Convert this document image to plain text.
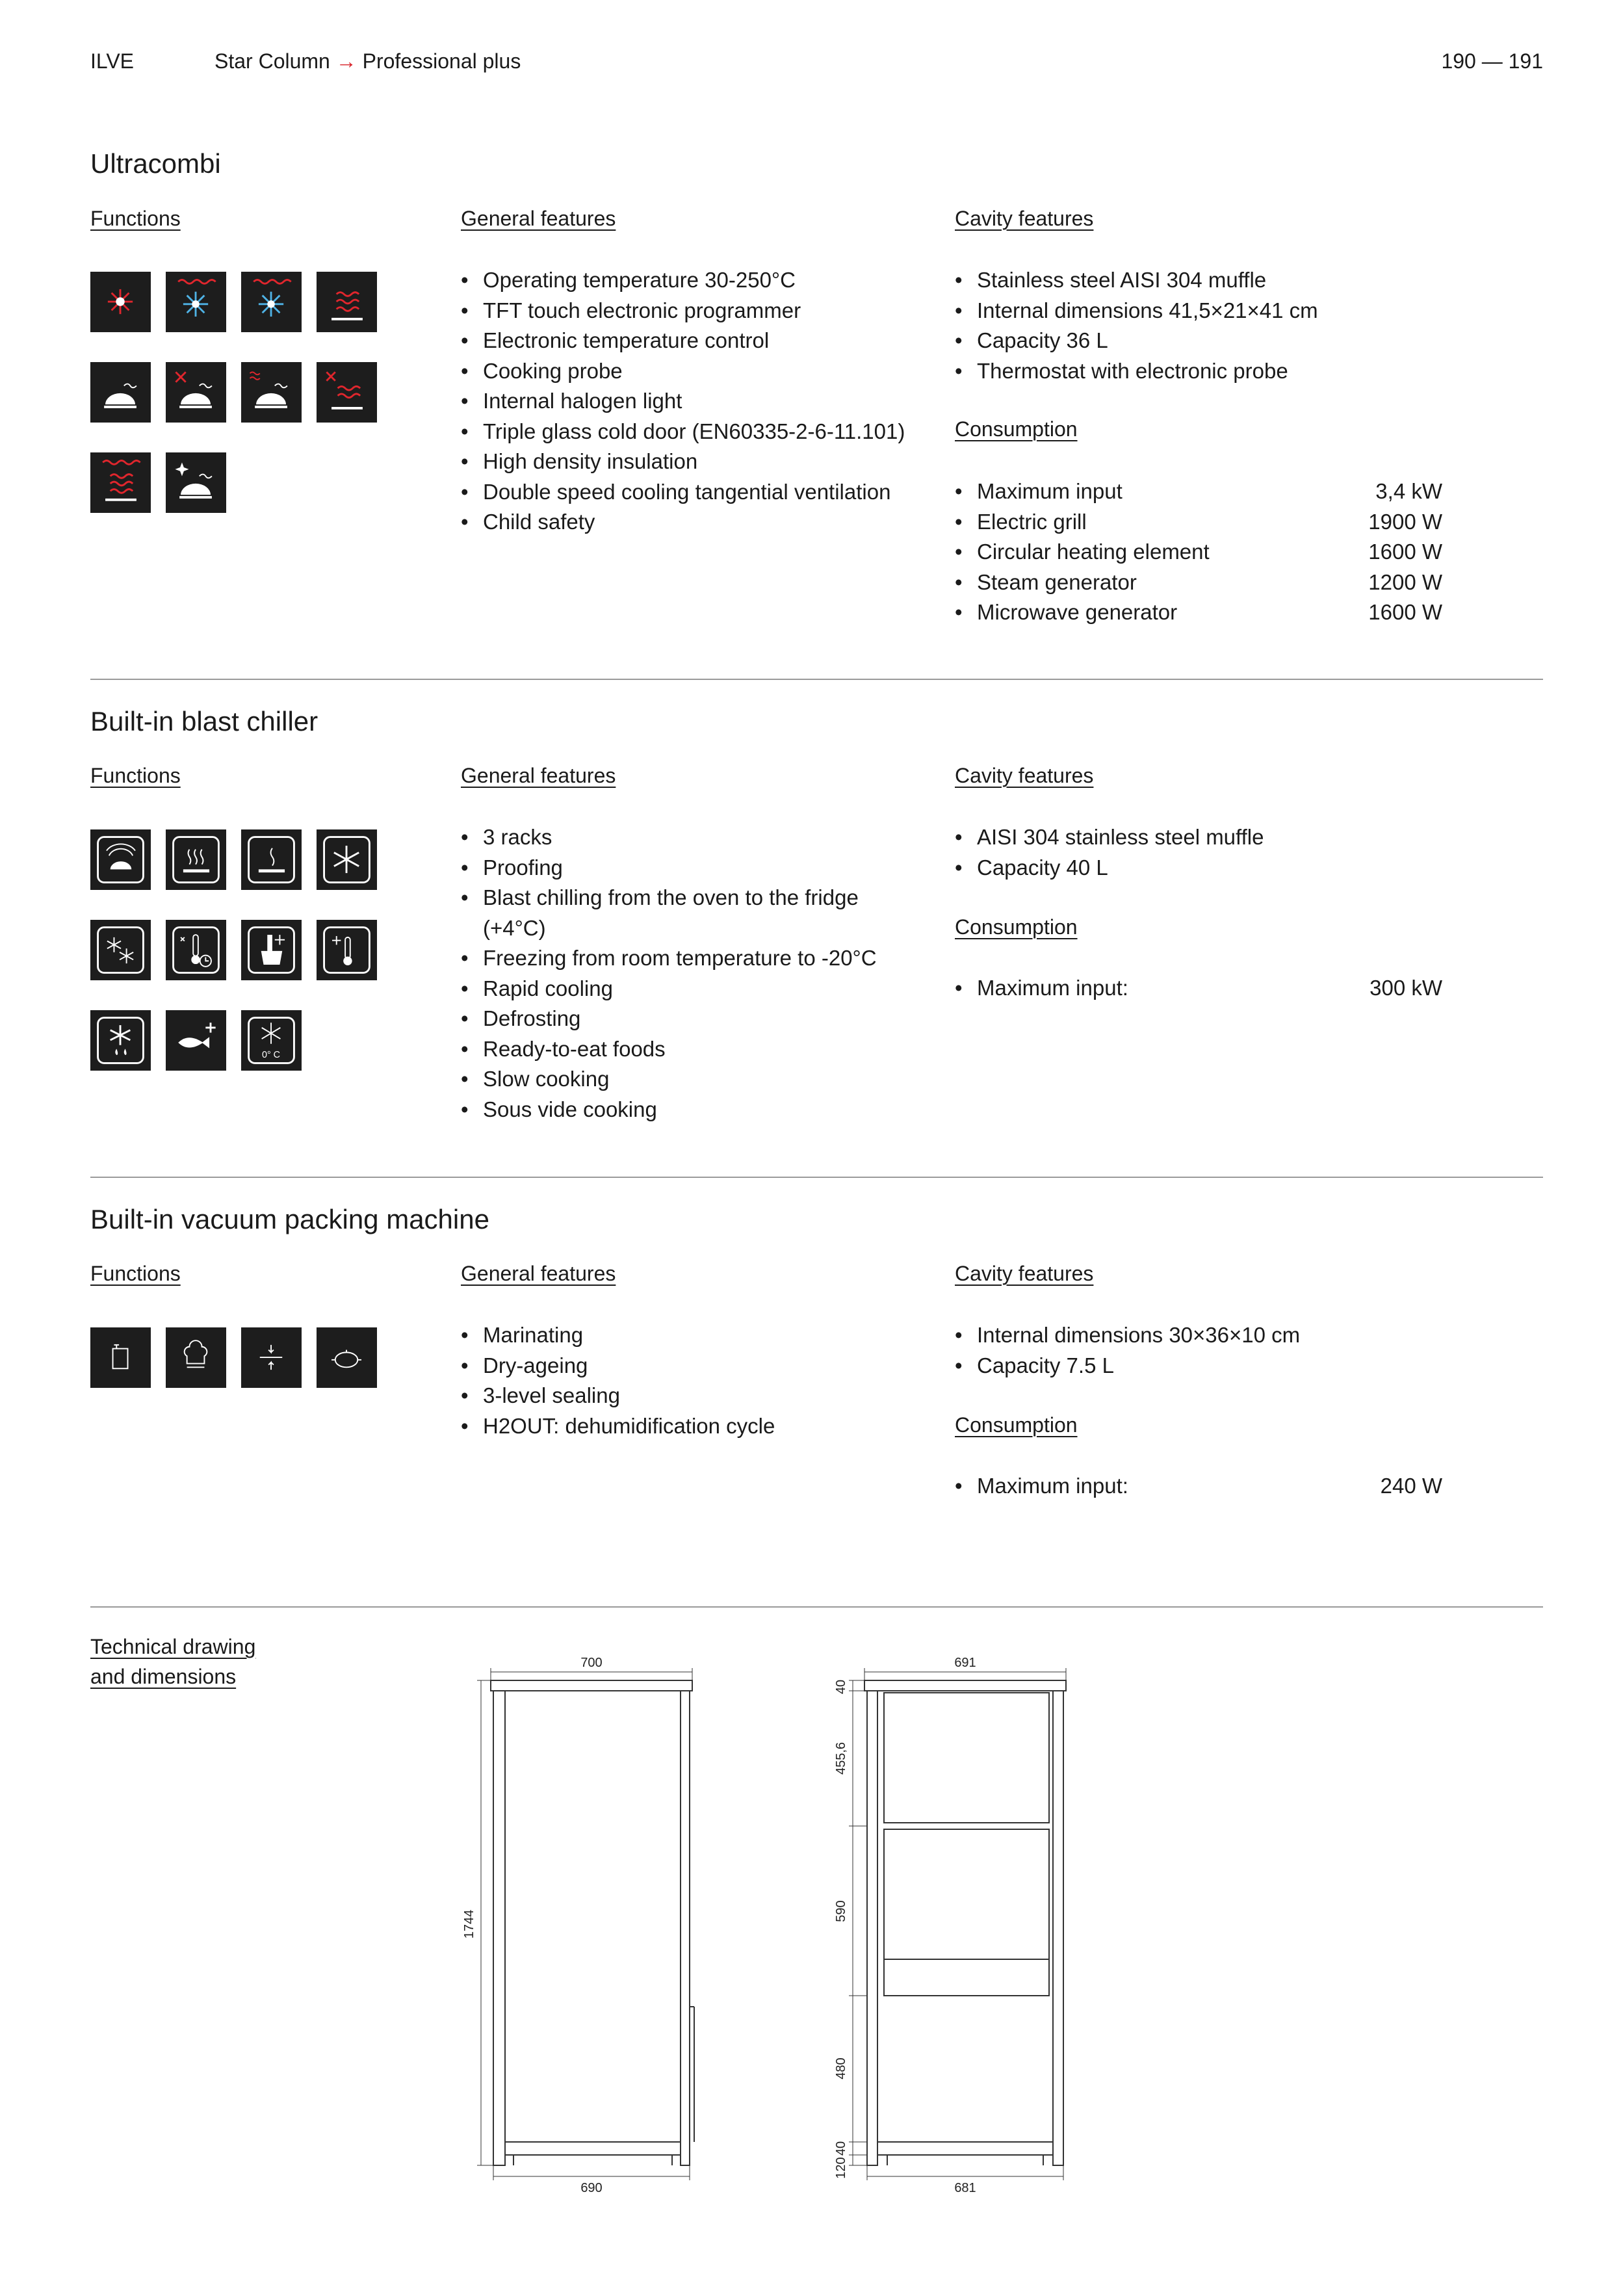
ILVE	Star Column → Professional plus	190 — 191
Ultracombi
Functions	General features	Cavity features
Consumption
• Operating temperature 30-250°C
• TFT touch electronic programmer
• Electronic temperature control
• Cooking probe
• Internal halogen light
• Triple glass cold door (EN60335-2-6-11.101)
• High density insulation
• Double speed cooling tangential ventilation
• Child safety
• Stainless steel AISI 304 muffle
• Internal dimensions 41,5×21×41 cm
• Capacity 36 L
• Thermostat with electronic probe
• Maximum input	3,4 kW
• Electric grill	1900 W
• Circular heating element	1600 W
• Steam generator	1200 W
• Microwave generator	1600 W
Built-in blast chiller
Functions	General features	Cavity features
Consumption
0° C
• 3 racks
• Proofing
• Blast chilling from the oven to the fridge
(+4°C)
• Freezing from room temperature to -20°C
• Rapid cooling
• Defrosting
• Ready-to-eat foods
• Slow cooking
• Sous vide cooking
• AISI 304 stainless steel muffle
• Capacity 40 L
• Maximum input:	300 kW
Built-in vacuum packing machine
Functions	General features	Cavity features
Consumption
• Marinating
• Dry-ageing
• 3-level sealing
• H2OUT: dehumidification cycle
• Internal dimensions 30×36×10 cm
• Capacity 7.5 L
• Maximum input:	240 W
Technical drawing
and dimensions
700
690
1744
691
681
40
455,6
590
480
40
120
